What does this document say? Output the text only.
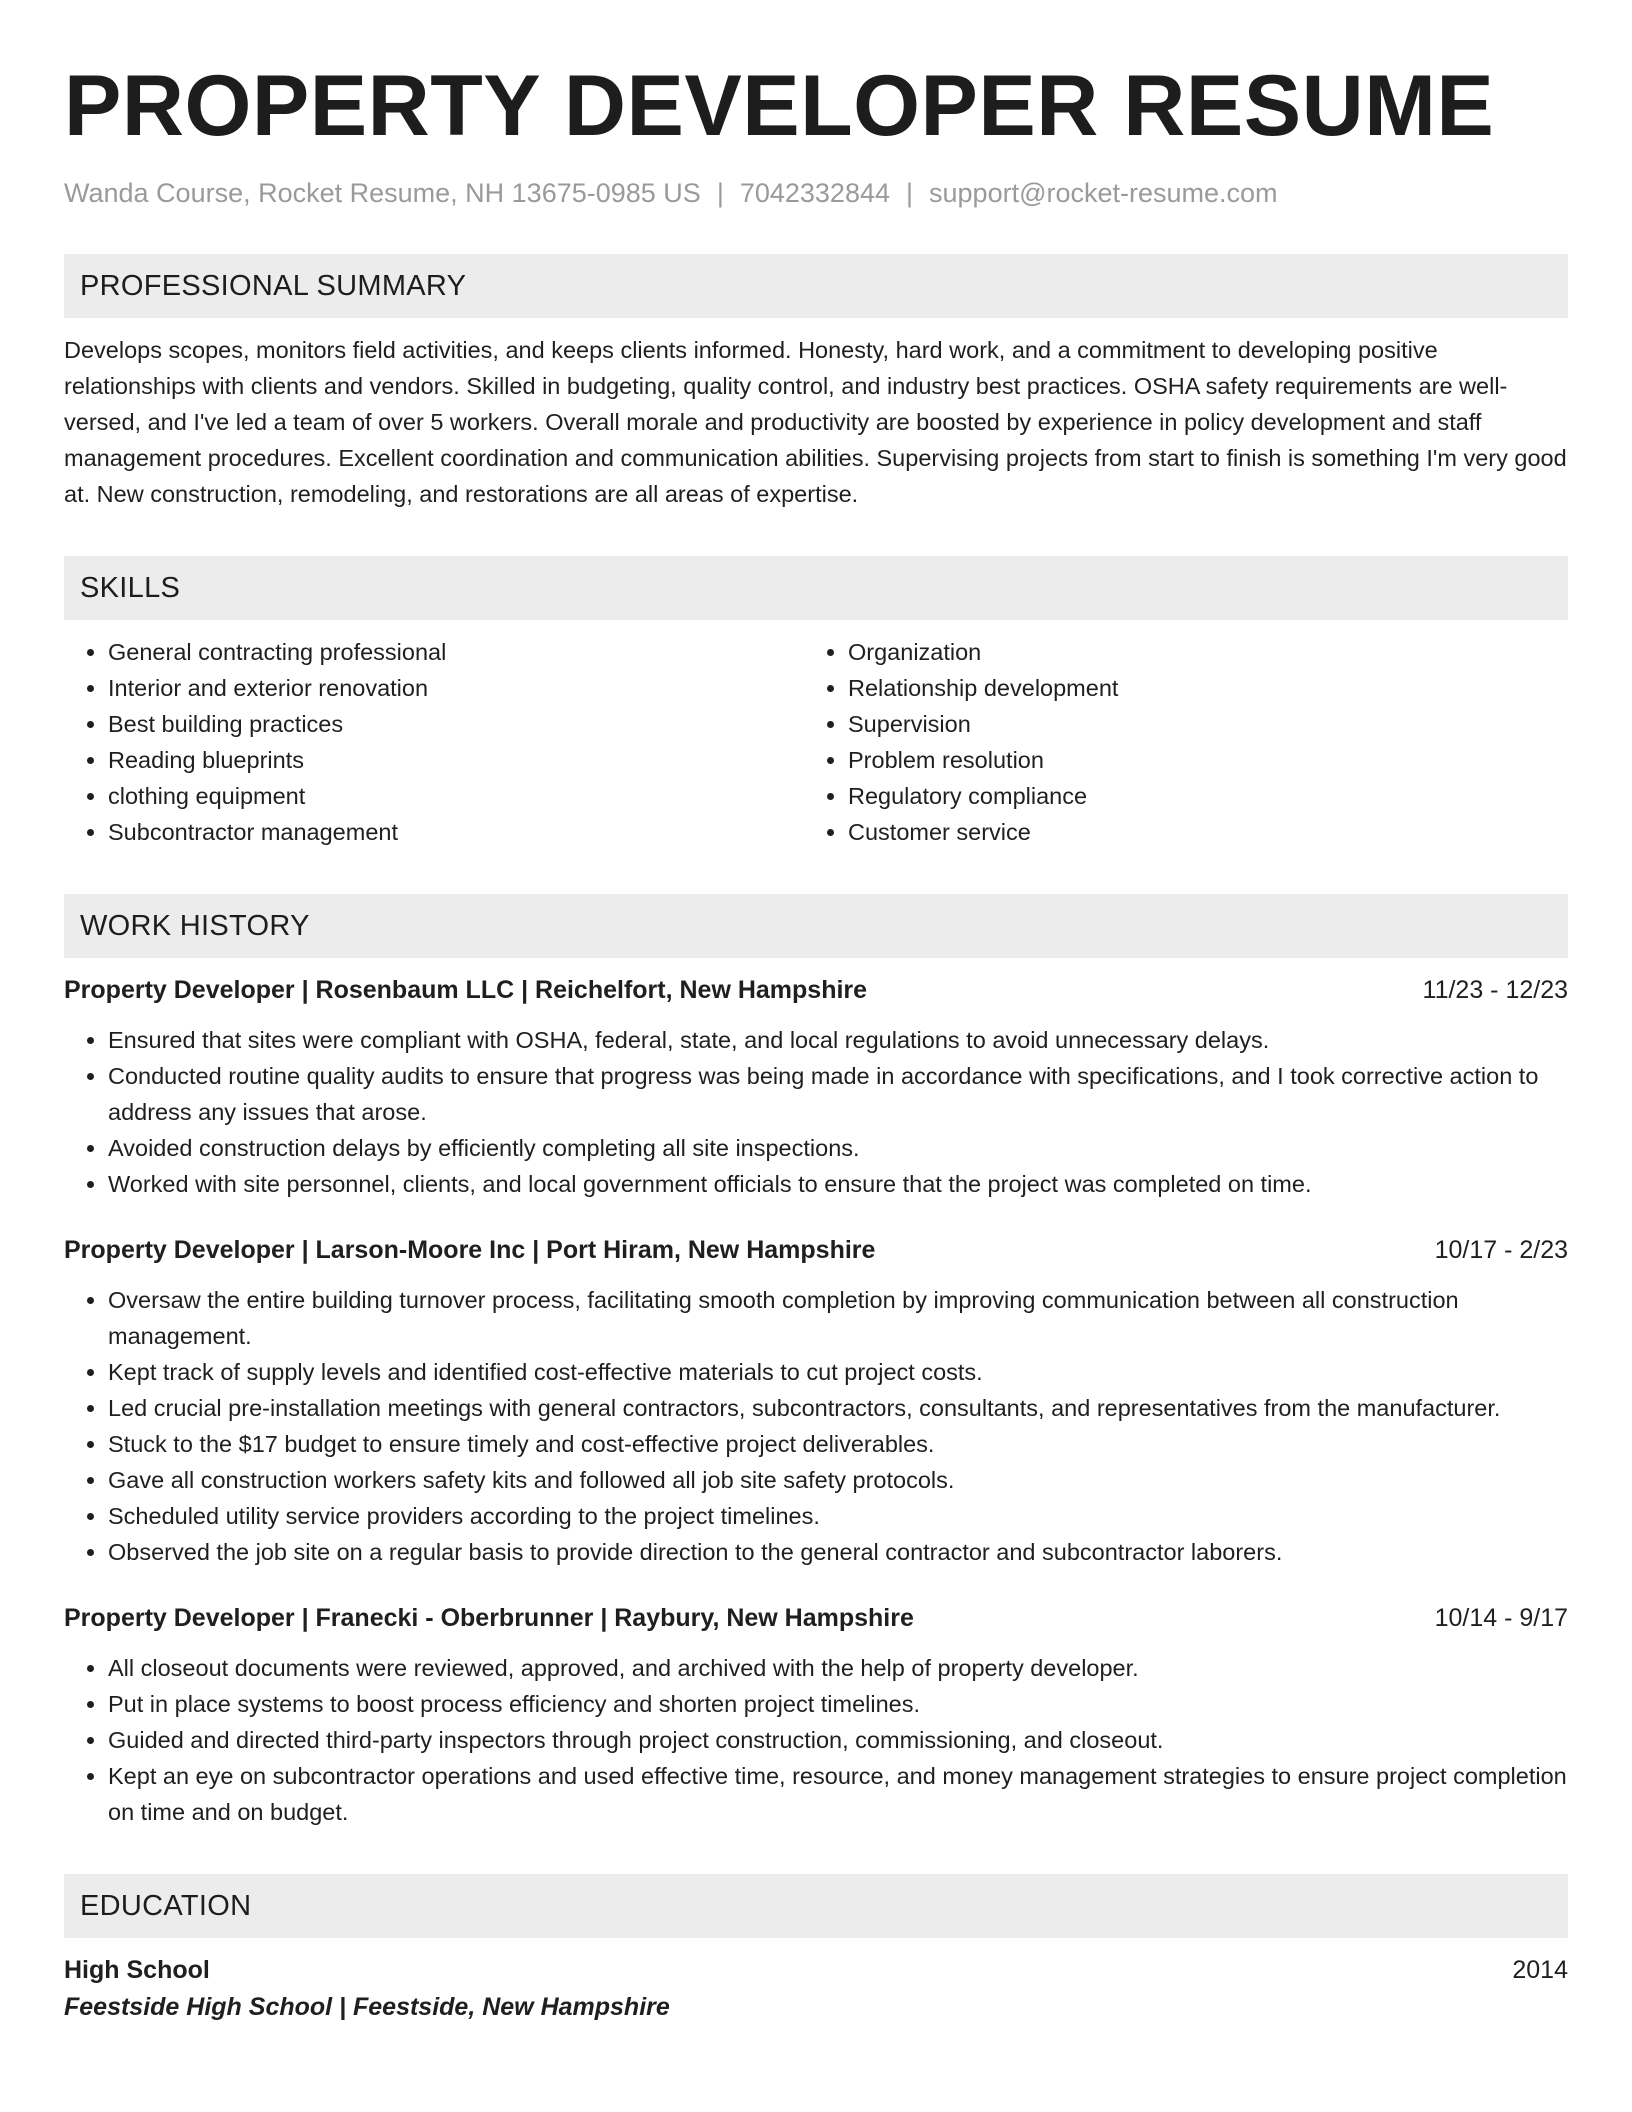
PROPERTY DEVELOPER RESUME
Wanda Course, Rocket Resume, NH 13675-0985 US | 7042332844 | support@rocket-resume.com
PROFESSIONAL SUMMARY

Develops scopes, monitors field activities, and keeps clients informed. Honesty, hard work, and a commitment to developing positive relationships with clients and vendors. Skilled in budgeting, quality control, and industry best practices. OSHA safety requirements are well-versed, and I've led a team of over 5 workers. Overall morale and productivity are boosted by experience in policy development and staff management procedures. Excellent coordination and communication abilities. Supervising projects from start to finish is something I'm very good at. New construction, remodeling, and restorations are all areas of expertise.

SKILLS
• General contracting professional
• Interior and exterior renovation
• Best building practices
• Reading blueprints
• clothing equipment
• Subcontractor management
• Organization
• Relationship development
• Supervision
• Problem resolution
• Regulatory compliance
• Customer service
WORK HISTORY
Property Developer | Rosenbaum LLC | Reichelfort, New Hampshire	11/23 - 12/23
• Ensured that sites were compliant with OSHA, federal, state, and local regulations to avoid unnecessary delays.
• Conducted routine quality audits to ensure that progress was being made in accordance with specifications, and I took corrective action to address any issues that arose.
• Avoided construction delays by efficiently completing all site inspections.
• Worked with site personnel, clients, and local government officials to ensure that the project was completed on time.
Property Developer | Larson-Moore Inc | Port Hiram, New Hampshire	10/17 - 2/23
• Oversaw the entire building turnover process, facilitating smooth completion by improving communication between all construction management.
• Kept track of supply levels and identified cost-effective materials to cut project costs.
• Led crucial pre-installation meetings with general contractors, subcontractors, consultants, and representatives from the manufacturer.
• Stuck to the $17 budget to ensure timely and cost-effective project deliverables.
• Gave all construction workers safety kits and followed all job site safety protocols.
• Scheduled utility service providers according to the project timelines.
• Observed the job site on a regular basis to provide direction to the general contractor and subcontractor laborers.
Property Developer | Franecki - Oberbrunner | Raybury, New Hampshire	10/14 - 9/17
• All closeout documents were reviewed, approved, and archived with the help of property developer.
• Put in place systems to boost process efficiency and shorten project timelines.
• Guided and directed third-party inspectors through project construction, commissioning, and closeout.
• Kept an eye on subcontractor operations and used effective time, resource, and money management strategies to ensure project completion on time and on budget.
EDUCATION
High School	2014
Feestside High School | Feestside, New Hampshire
